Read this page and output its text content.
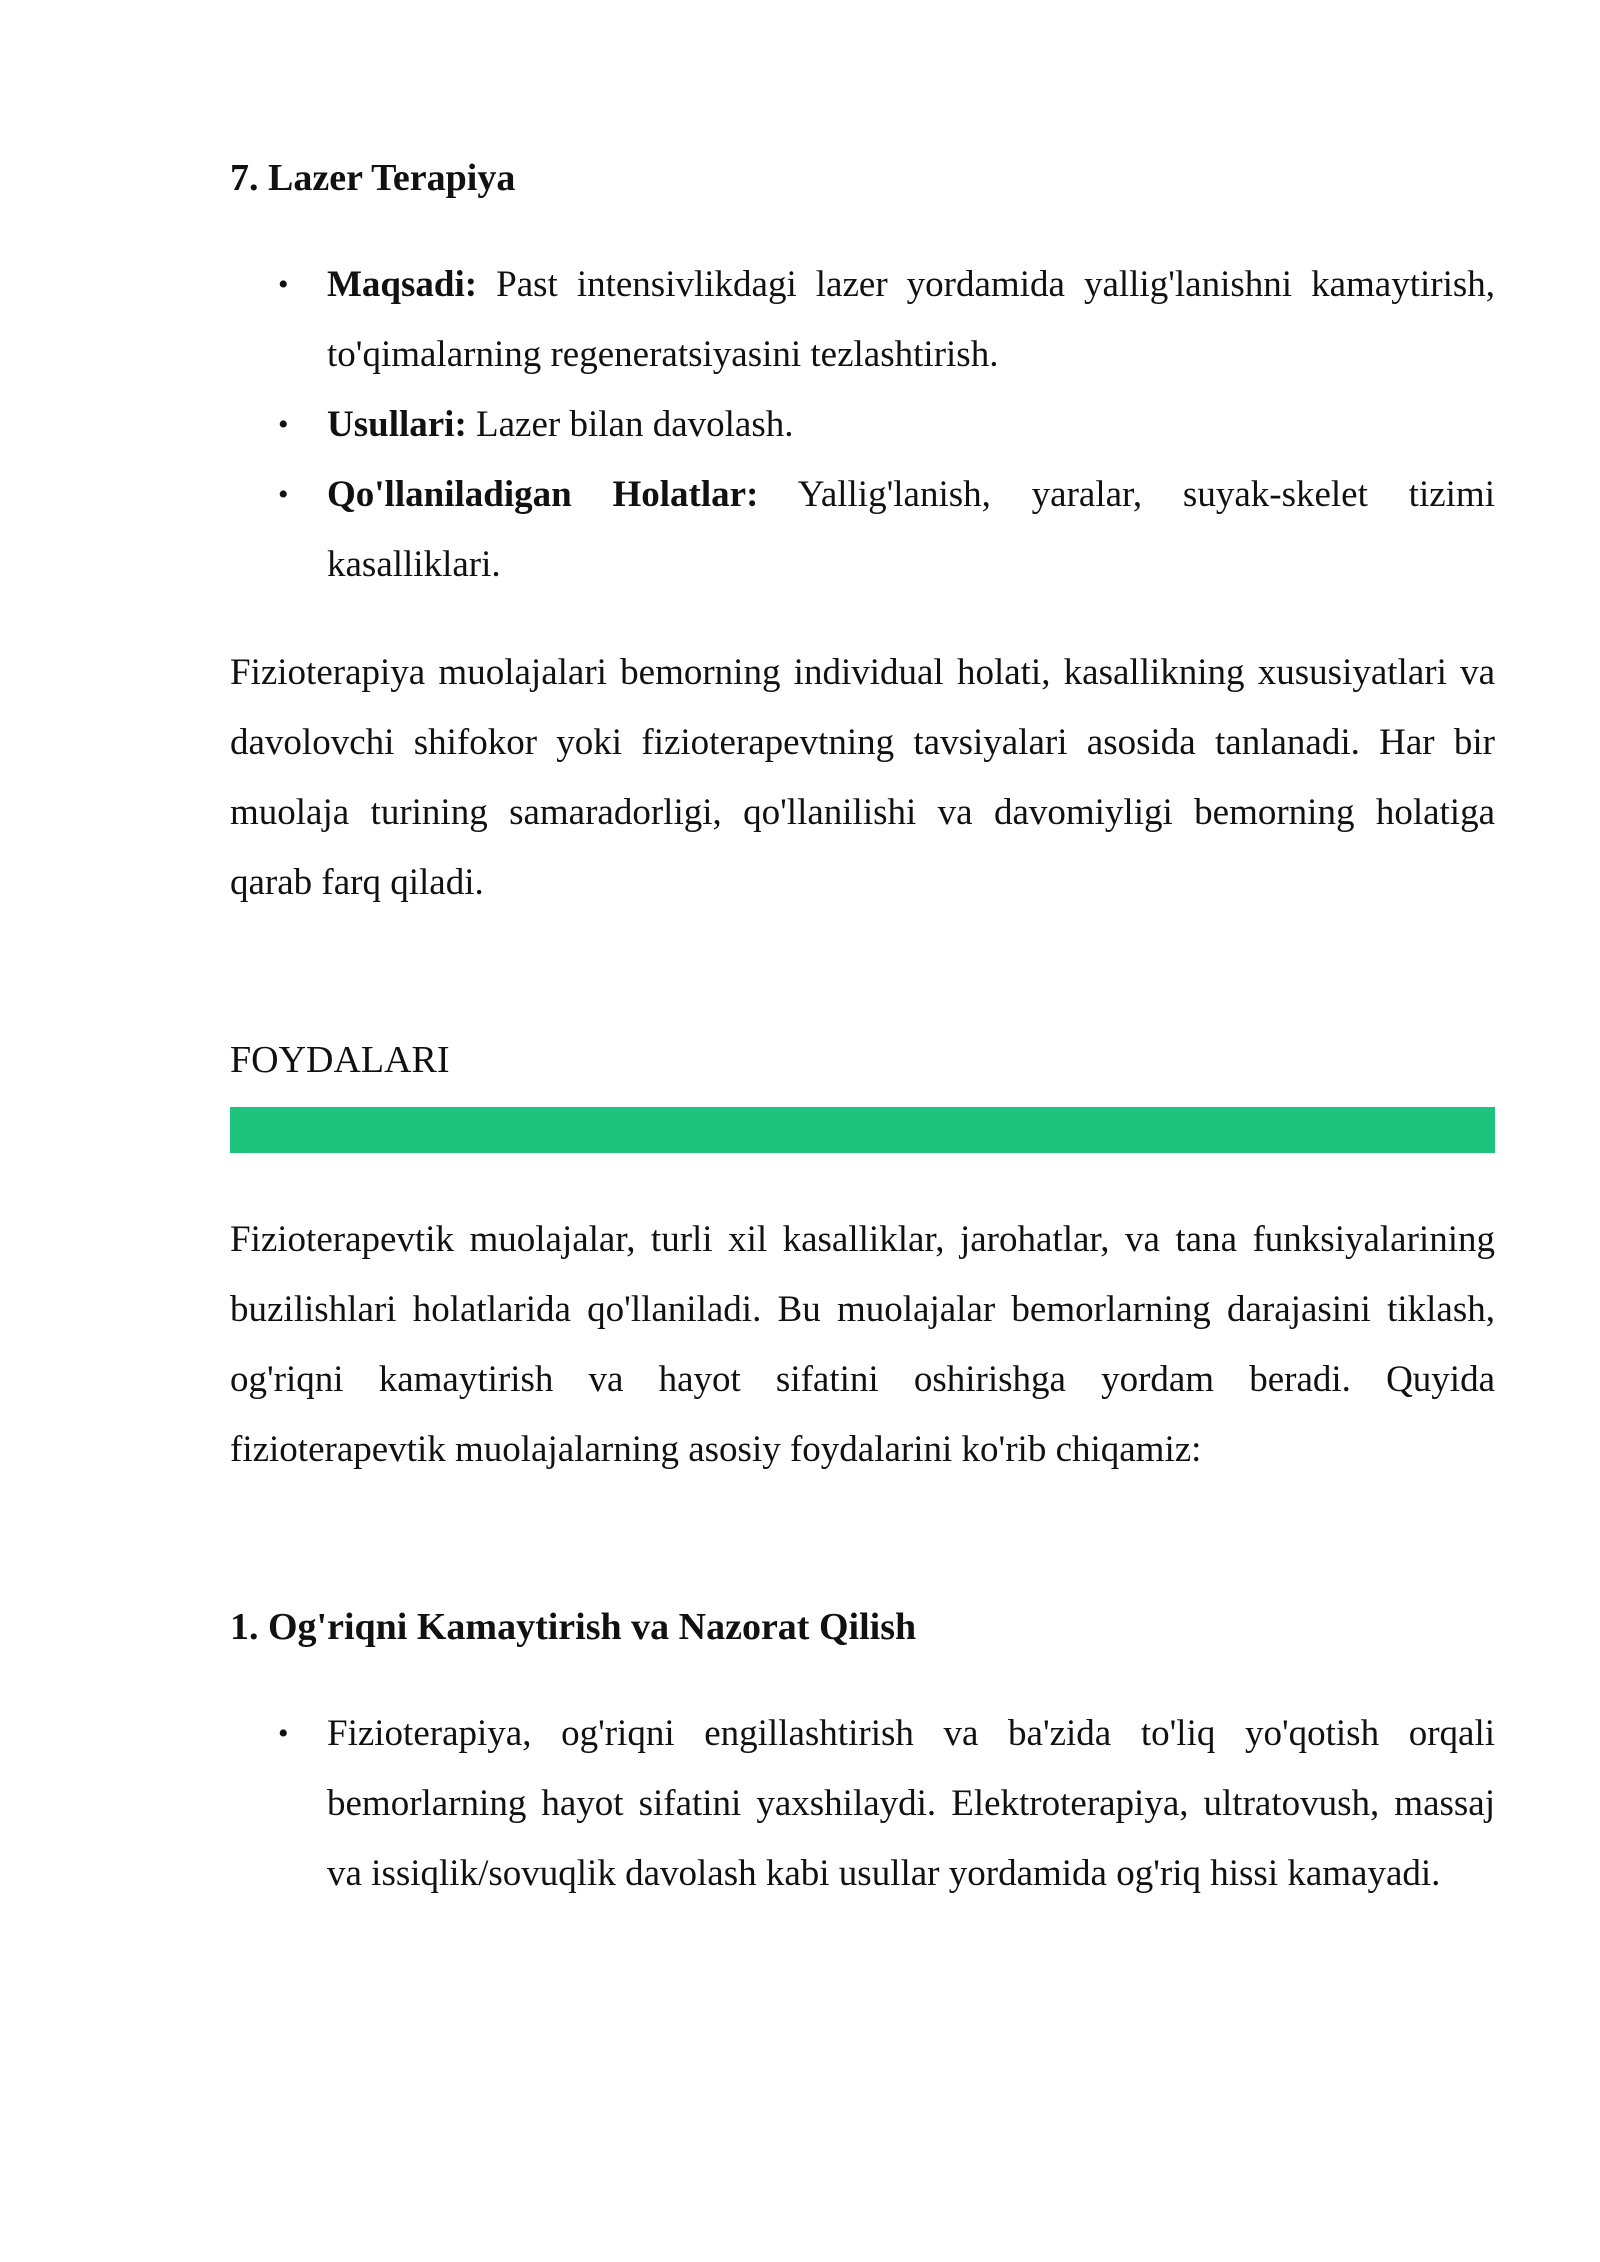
7. Lazer Terapiya
• Maqsadi: Past intensivlikdagi lazer yordamida yallig'lanishni kamaytirish, to'qimalarning regeneratsiyasini tezlashtirish.
• Usullari: Lazer bilan davolash.
• Qo'llaniladigan Holatlar: Yallig'lanish, yaralar, suyak-skelet tizimi kasalliklari.

Fizioterapiya muolajalari bemorning individual holati, kasallikning xususiyatlari va davolovchi shifokor yoki fizioterapevtning tavsiyalari asosida tanlanadi. Har bir muolaja turining samaradorligi, qo'llanilishi va davomiyligi bemorning holatiga qarab farq qiladi.

FOYDALARI

Fizioterapevtik muolajalar, turli xil kasalliklar, jarohatlar, va tana funksiyalarining buzilishlari holatlarida qo'llaniladi. Bu muolajalar bemorlarning darajasini tiklash, og'riqni kamaytirish va hayot sifatini oshirishga yordam beradi. Quyida fizioterapevtik muolajalarning asosiy foydalarini ko'rib chiqamiz:

1. Og'riqni Kamaytirish va Nazorat Qilish
• Fizioterapiya, og'riqni engillashtirish va ba'zida to'liq yo'qotish orqali bemorlarning hayot sifatini yaxshilaydi. Elektroterapiya, ultratovush, massaj va issiqlik/sovuqlik davolash kabi usullar yordamida og'riq hissi kamayadi.
